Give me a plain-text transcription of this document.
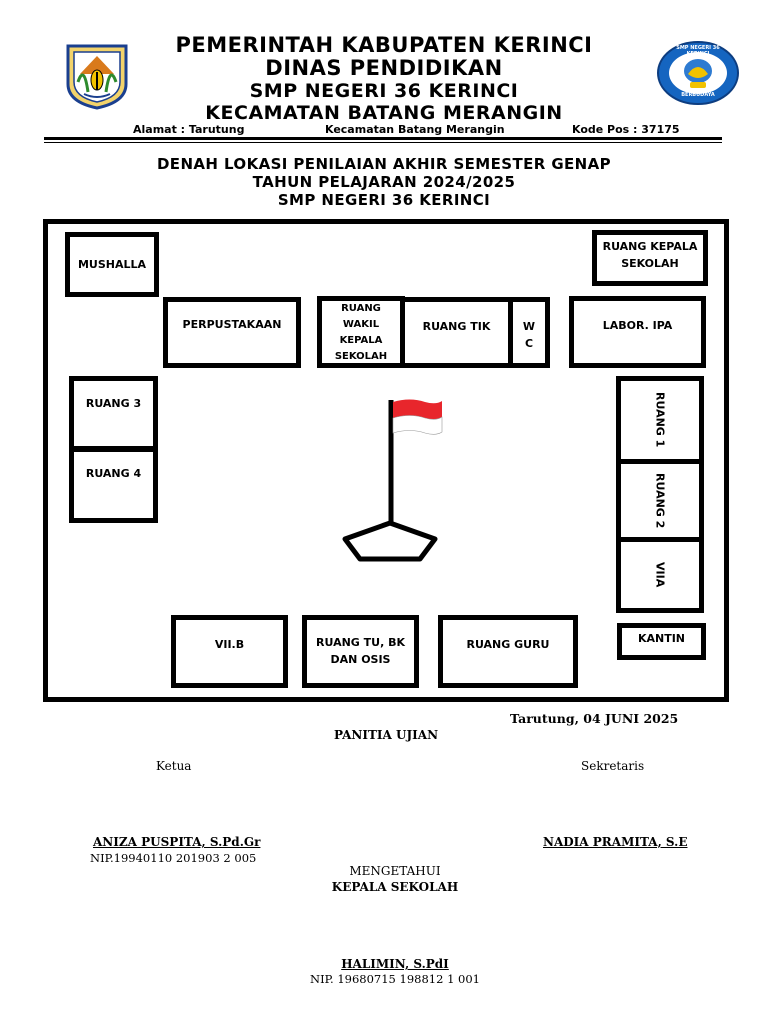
SMP NEGERI 36 KERINCI
BERBUDAYA
PEMERINTAH KABUPATEN KERINCI
DINAS PENDIDIKAN
SMP NEGERI 36 KERINCI
KECAMATAN BATANG MERANGIN
Alamat : Tarutung	Kecamatan Batang Merangin	Kode Pos : 37175
DENAH LOKASI PENILAIAN AKHIR SEMESTER GENAP
TAHUN PELAJARAN 2024/2025
SMP NEGERI 36 KERINCI
MUSHALLA
RUANG KEPALA
SEKOLAH
PERPUSTAKAAN
RUANG
WAKIL
KEPALA
SEKOLAH
RUANG TIK	W
C
LABOR. IPA
RUANG 3
RUANG 4
RUANG 1
RUANG 2
VIIA
VII.B	RUANG TU, BK
DAN OSIS
RUANG GURU	KANTIN
Tarutung, 04 JUNI 2025
PANITIA UJIAN
Ketua	Sekretaris
ANIZA PUSPITA, S.Pd.Gr
NIP.19940110 201903 2 005
NADIA PRAMITA, S.E
MENGETAHUI
KEPALA SEKOLAH
HALIMIN, S.PdI
NIP. 19680715 198812 1 001
